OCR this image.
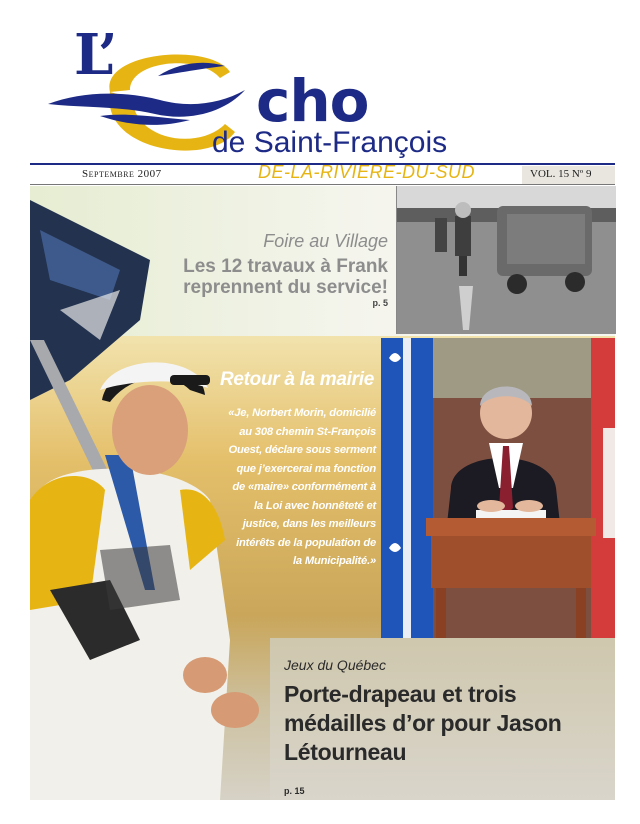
L’
cho
de Saint-François
Septembre 2007	DE-LA-RIVIERE-DU-SUD	VOL. 15 Nº 9
Foire au Village
Les 12 travaux à Frank reprennent du service!
p. 5
Retour à la mairie
«Je, Norbert Morin, domicilié au 308 chemin St-François Ouest, déclare sous serment que j’exercerai ma fonction de «maire» conformément à la Loi avec honnêteté et justice, dans les meilleurs intérêts de la population de la Municipalité.»
Jeux du Québec
Porte-drapeau et trois médailles d’or pour Jason Létourneau
p. 15
